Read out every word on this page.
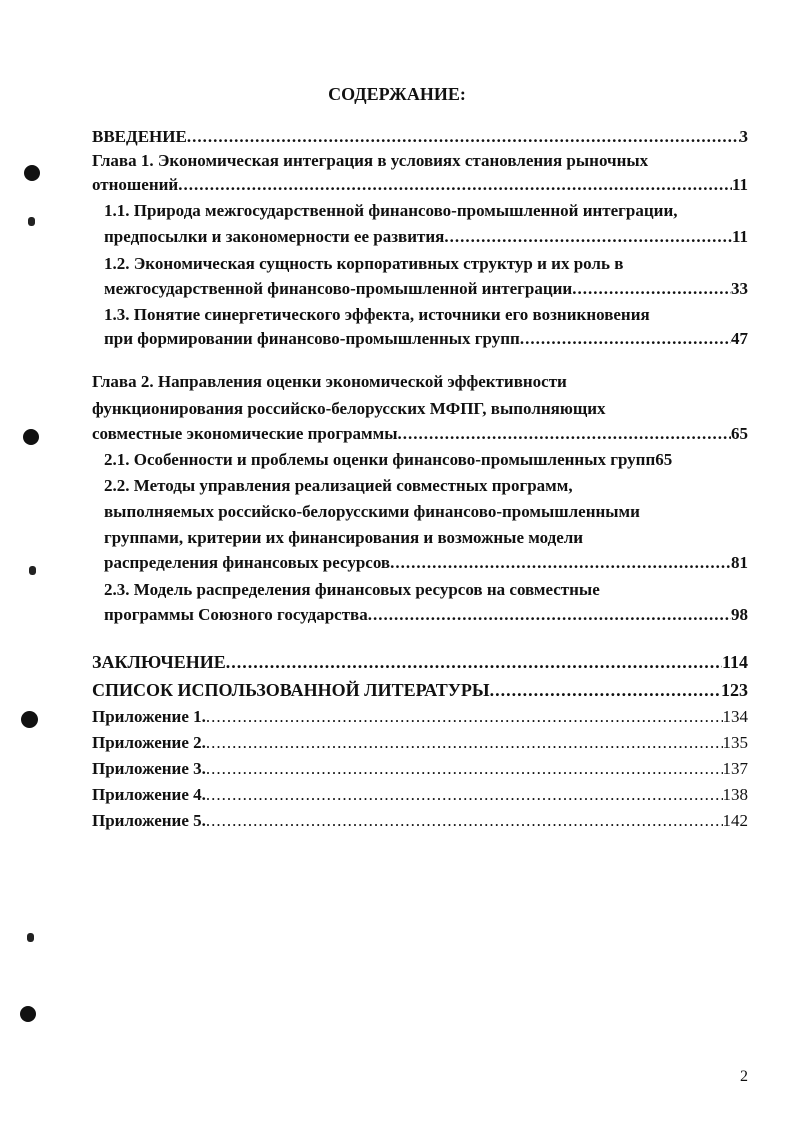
СОДЕРЖАНИЕ:
ВВЕДЕНИЕ .....	3
Глава 1. Экономическая интеграция в условиях становления рыночных
отношений .....	11
1.1. Природа межгосударственной финансово-промышленной интеграции,
предпосылки и закономерности ее развития .....	11
1.2. Экономическая сущность корпоративных структур и их роль в
межгосударственной финансово-промышленной интеграции .....	33
1.3. Понятие синергетического эффекта, источники его возникновения
при формировании финансово-промышленных групп .....	47
Глава 2. Направления оценки экономической эффективности
функционирования российско-белорусских МФПГ, выполняющих
совместные экономические программы .....	65
2.1. Особенности и проблемы оценки финансово-промышленных групп 65
2.2. Методы управления реализацией совместных программ,
выполняемых российско-белорусскими финансово-промышленными
группами, критерии их финансирования и возможные модели
распределения финансовых ресурсов .....	81
2.3. Модель распределения финансовых ресурсов на совместные
программы Союзного государства .....	98
ЗАКЛЮЧЕНИЕ .....	114
СПИСОК ИСПОЛЬЗОВАННОЙ ЛИТЕРАТУРЫ .....	123
Приложение 1. .....	134
Приложение 2. .....	135
Приложение 3. .....	137
Приложение 4. .....	138
Приложение 5. .....	142
2
